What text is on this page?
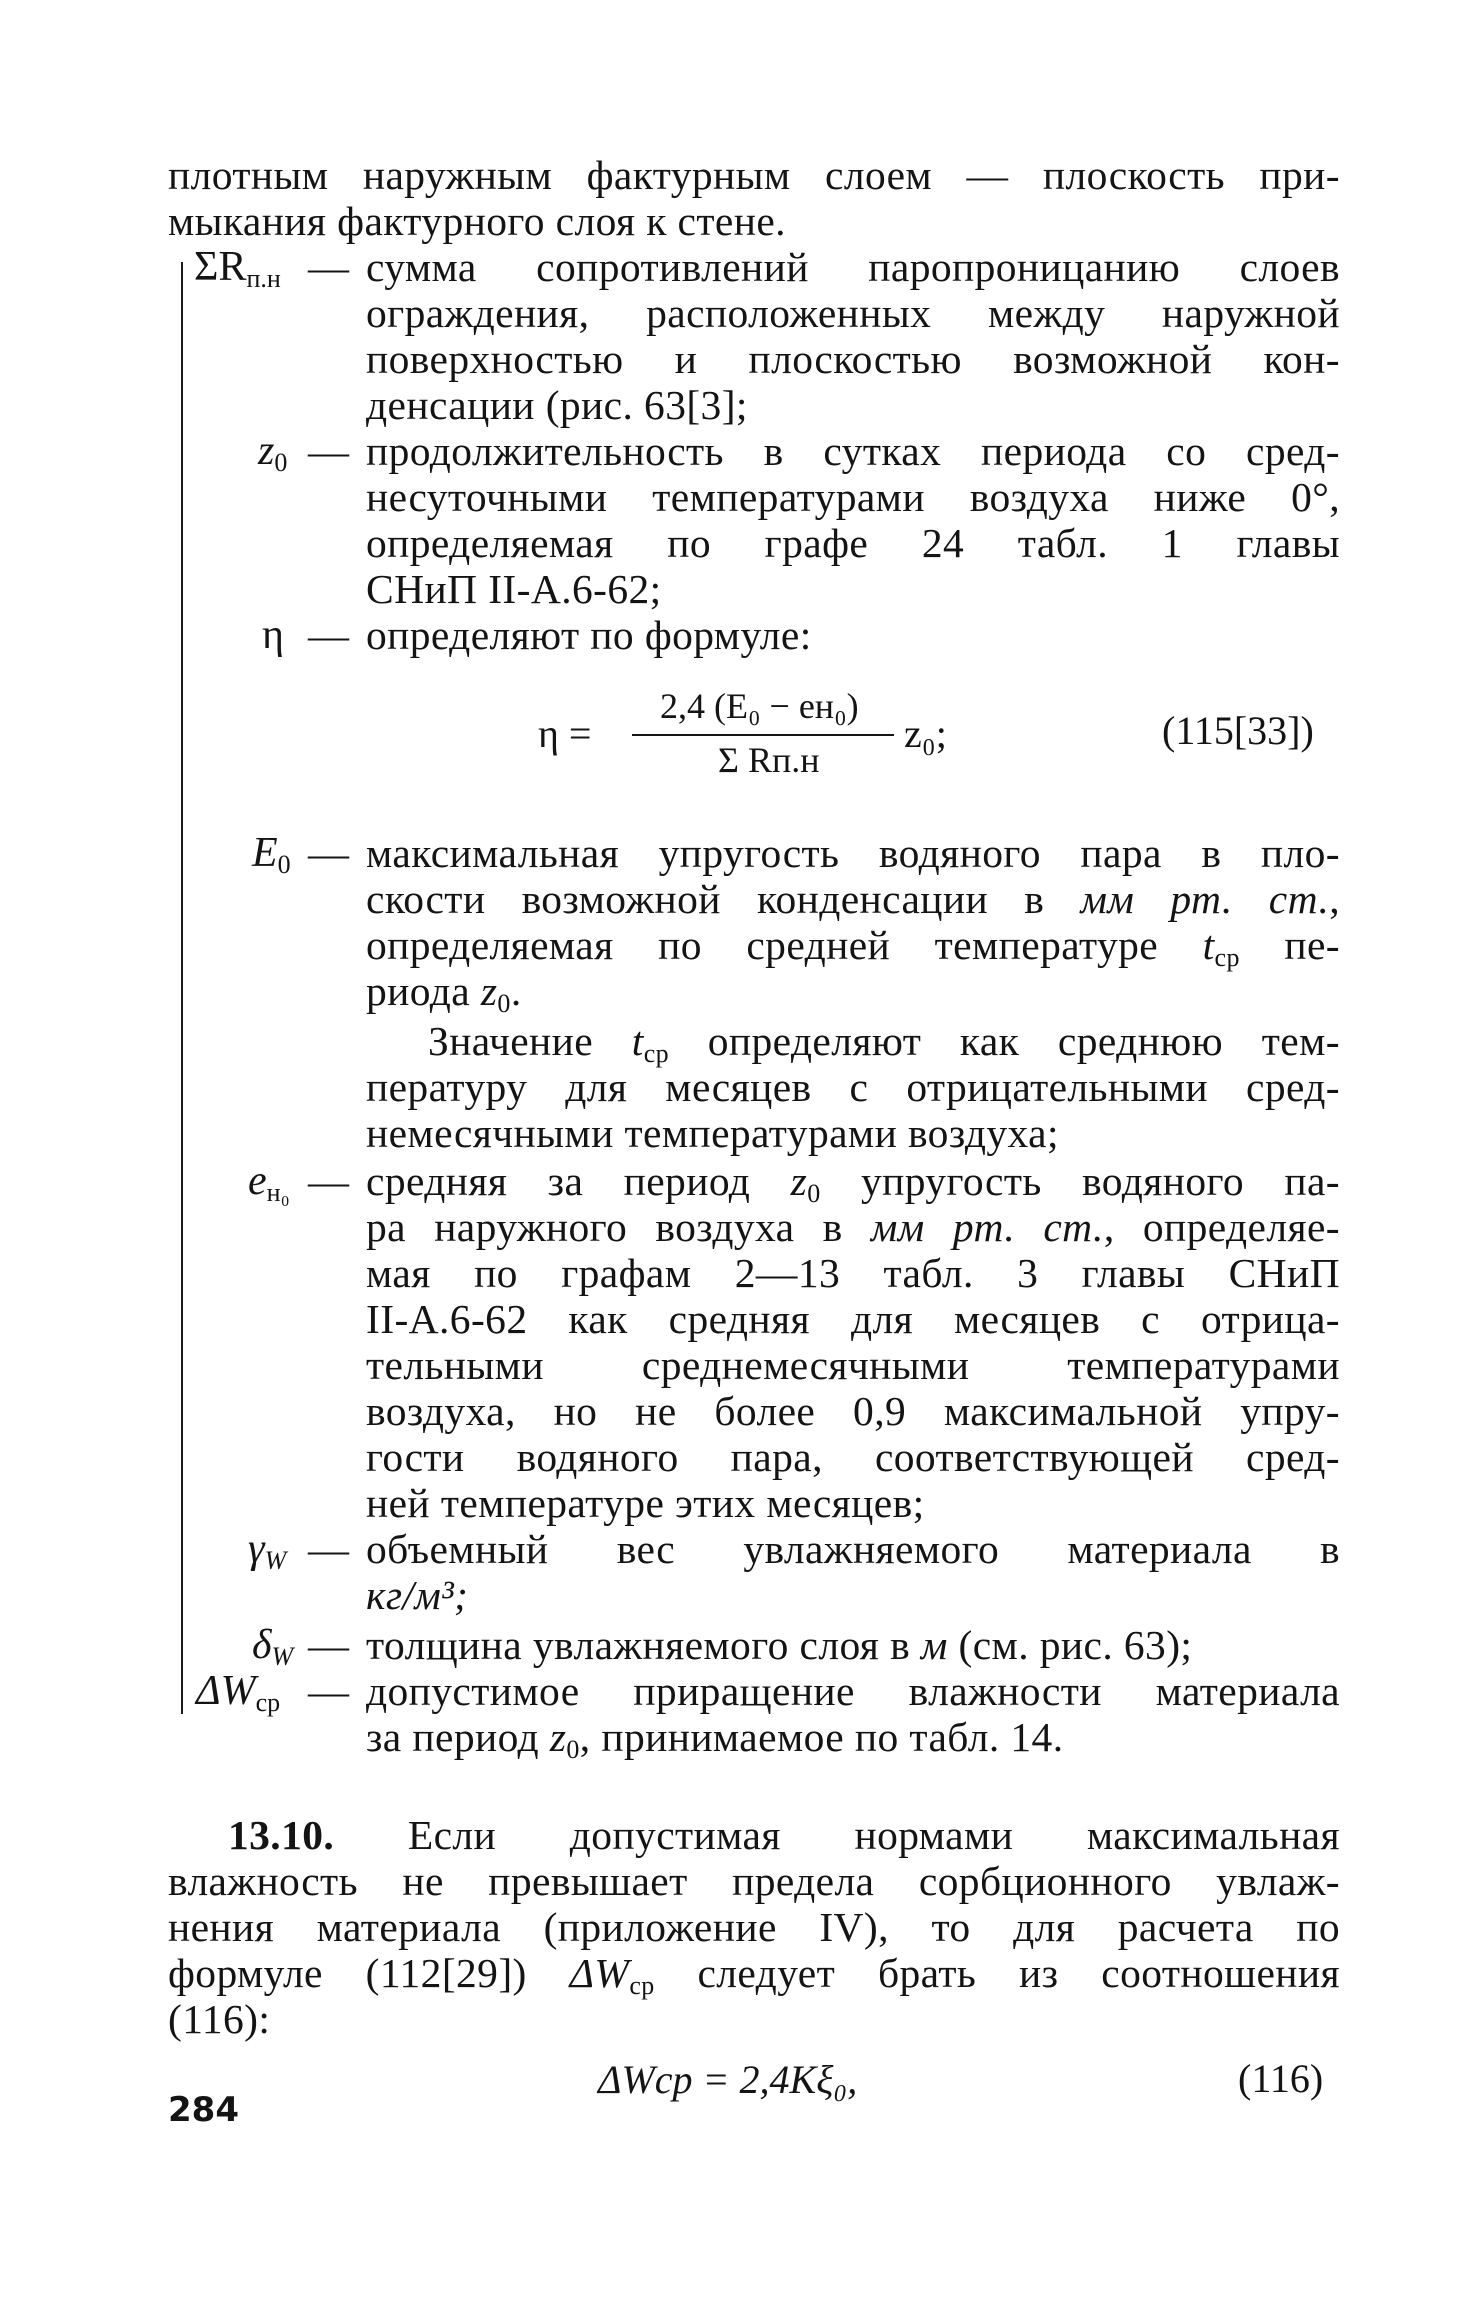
плотным наружным фактурным слоем — плоскость при-
мыкания фактурного слоя к стене.
$\Sigma R_{п.н}$ — сумма сопротивлений паропроницанию слоев
ограждения, расположенных между наружной
поверхностью и плоскостью возможной кон-
денсации (рис. 63[3];
$z_0$ — продолжительность в сутках периода со сред-
несуточными температурами воздуха ниже 0°,
определяемая по графе 24 табл. 1 главы
СНиП II-А.6-62;
η — определяют по формуле:
η =
2,4 (E₀ − eн₀)
Σ Rп.н
z₀;	(115[33])
$E_0$ — максимальная упругость водяного пара в пло-
скости возможной конденсации в мм рт. ст.,
определяемая по средней температуре $t_{ср}$ пе-
риода $z_0$.
Значение $t_{ср}$ определяют как среднюю тем-
пературу для месяцев с отрицательными сред-
немесячными температурами воздуха;
$e_{н_0}$ — средняя за период $z_0$ упругость водяного па-
ра наружного воздуха в мм рт. ст., определяе-
мая по графам 2—13 табл. 3 главы СНиП
II-А.6-62 как средняя для месяцев с отрица-
тельными среднемесячными температурами
воздуха, но не более 0,9 максимальной упру-
гости водяного пара, соответствующей сред-
ней температуре этих месяцев;
$\gamma_W$ — объемный вес увлажняемого материала в
кг/м³;
$\delta_W$ — толщина увлажняемого слоя в м (см. рис. 63);
$\Delta W_{ср}$ — допустимое приращение влажности материала
за период $z_0$, принимаемое по табл. 14.
13.10. Если допустимая нормами максимальная
влажность не превышает предела сорбционного увлаж-
нения материала (приложение IV), то для расчета по
формуле (112[29]) $\Delta W_{ср}$ следует брать из соотношения
(116):
ΔWср = 2,4Kξ₀,	(116)
284
